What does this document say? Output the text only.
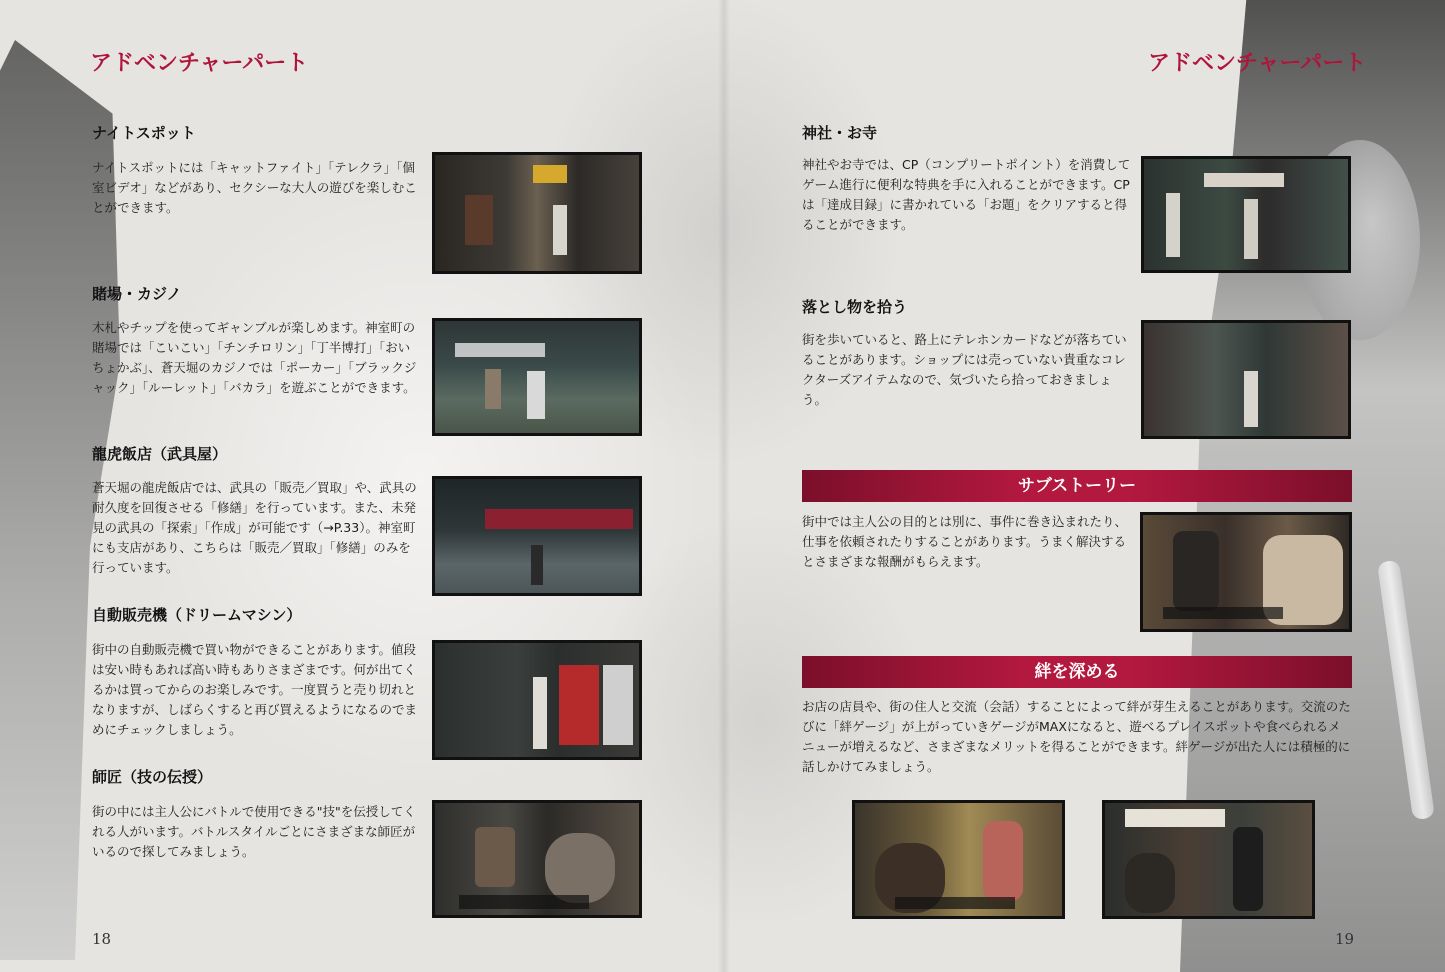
アドベンチャーパート
ナイトスポット
ナイトスポットには「キャットファイト」「テレクラ」「個室ビデオ」などがあり、セクシーな大人の遊びを楽しむことができます。
賭場・カジノ
木札やチップを使ってギャンブルが楽しめます。神室町の賭場では「こいこい」「チンチロリン」「丁半博打」「おいちょかぶ」、蒼天堀のカジノでは「ポーカー」「ブラックジャック」「ルーレット」「バカラ」を遊ぶことができます。
龍虎飯店（武具屋）
蒼天堀の龍虎飯店では、武具の「販売／買取」や、武具の耐久度を回復させる「修繕」を行っています。また、未発見の武具の「探索」「作成」が可能です（→P.33）。神室町にも支店があり、こちらは「販売／買取」「修繕」のみを行っています。
自動販売機（ドリームマシン）
街中の自動販売機で買い物ができることがあります。値段は安い時もあれば高い時もありさまざまです。何が出てくるかは買ってからのお楽しみです。一度買うと売り切れとなりますが、しばらくすると再び買えるようになるのでまめにチェックしましょう。
師匠（技の伝授）
街の中には主人公にバトルで使用できる"技"を伝授してくれる人がいます。バトルスタイルごとにさまざまな師匠がいるので探してみましょう。
18
アドベンチャーパート
神社・お寺
神社やお寺では、CP（コンプリートポイント）を消費してゲーム進行に便利な特典を手に入れることができます。CPは「達成目録」に書かれている「お題」をクリアすると得ることができます。
落とし物を拾う
街を歩いていると、路上にテレホンカードなどが落ちていることがあります。ショップには売っていない貴重なコレクターズアイテムなので、気づいたら拾っておきましょう。
サブストーリー
街中では主人公の目的とは別に、事件に巻き込まれたり、仕事を依頼されたりすることがあります。うまく解決するとさまざまな報酬がもらえます。
絆を深める
お店の店員や、街の住人と交流（会話）することによって絆が芽生えることがあります。交流のたびに「絆ゲージ」が上がっていきゲージがMAXになると、遊べるプレイスポットや食べられるメニューが増えるなど、さまざまなメリットを得ることができます。絆ゲージが出た人には積極的に話しかけてみましょう。
19
